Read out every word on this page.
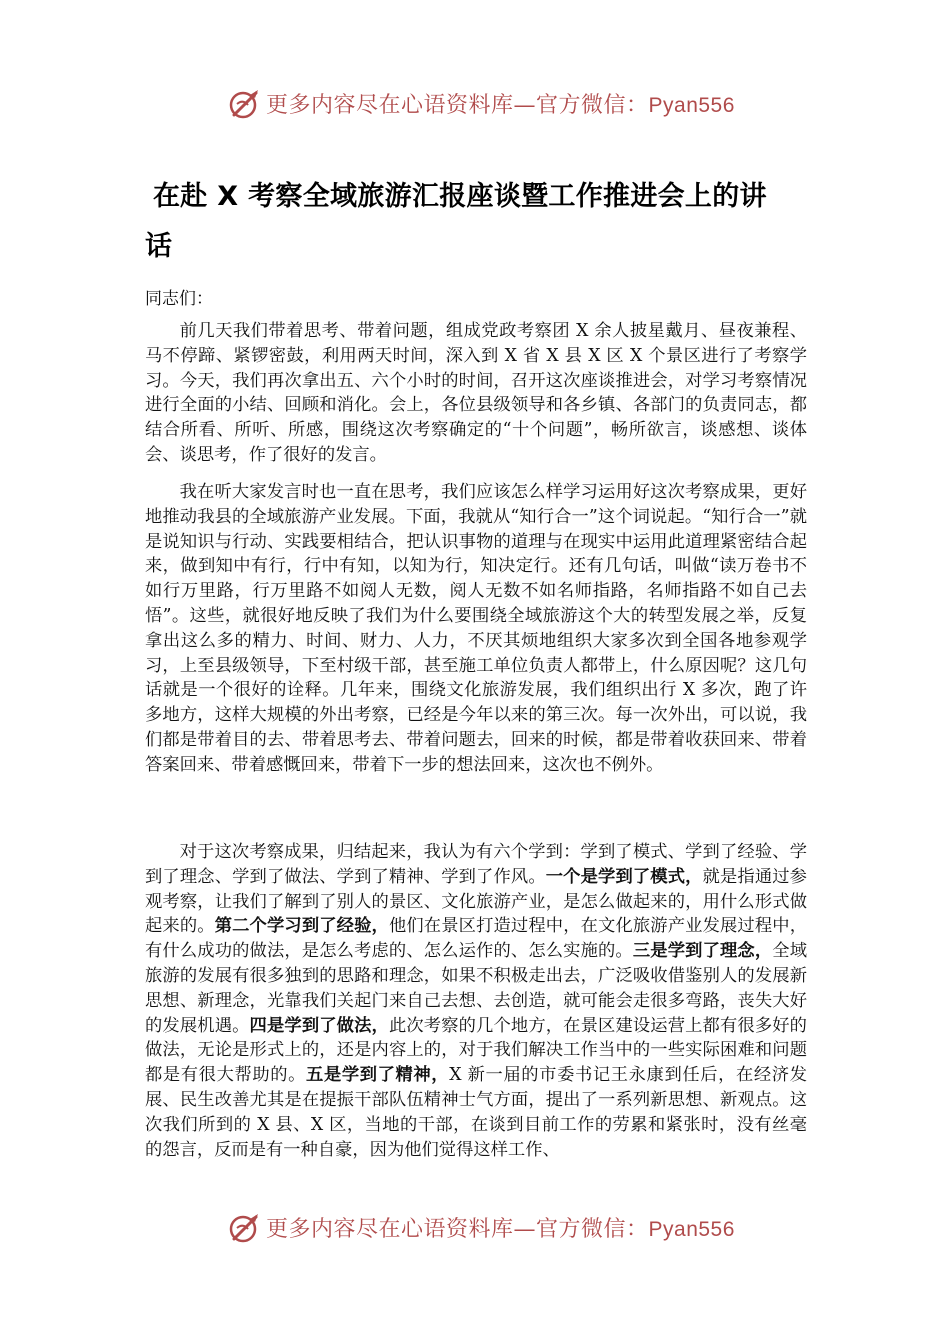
更多内容尽在心语资料库—官方微信：Pyan556
在赴 X 考察全域旅游汇报座谈暨工作推进会上的讲
话
同志们：

前几天我们带着思考、带着问题，组成党政考察团 X 余人披星戴月、昼夜兼程、马不停蹄、紧锣密鼓，利用两天时间，深入到 X 省 X 县 X 区 X 个景区进行了考察学习。今天，我们再次拿出五、六个小时的时间，召开这次座谈推进会，对学习考察情况进行全面的小结、回顾和消化。会上，各位县级领导和各乡镇、各部门的负责同志，都结合所看、所听、所感，围绕这次考察确定的“十个问题”，畅所欲言，谈感想、谈体会、谈思考，作了很好的发言。

我在听大家发言时也一直在思考，我们应该怎么样学习运用好这次考察成果，更好地推动我县的全域旅游产业发展。下面，我就从“知行合一”这个词说起。“知行合一”就是说知识与行动、实践要相结合，把认识事物的道理与在现实中运用此道理紧密结合起来，做到知中有行，行中有知，以知为行，知决定行。还有几句话，叫做“读万卷书不如行万里路，行万里路不如阅人无数，阅人无数不如名师指路，名师指路不如自己去悟”。这些，就很好地反映了我们为什么要围绕全域旅游这个大的转型发展之举，反复拿出这么多的精力、时间、财力、人力，不厌其烦地组织大家多次到全国各地参观学习，上至县级领导，下至村级干部，甚至施工单位负责人都带上，什么原因呢？这几句话就是一个很好的诠释。几年来，围绕文化旅游发展，我们组织出行 X 多次，跑了许多地方，这样大规模的外出考察，已经是今年以来的第三次。每一次外出，可以说，我们都是带着目的去、带着思考去、带着问题去，回来的时候，都是带着收获回来、带着答案回来、带着感慨回来，带着下一步的想法回来，这次也不例外。

对于这次考察成果，归结起来，我认为有六个学到：学到了模式、学到了经验、学到了理念、学到了做法、学到了精神、学到了作风。一个是学到了模式，就是指通过参观考察，让我们了解到了别人的景区、文化旅游产业，是怎么做起来的，用什么形式做起来的。第二个学习到了经验，他们在景区打造过程中，在文化旅游产业发展过程中，有什么成功的做法，是怎么考虑的、怎么运作的、怎么实施的。三是学到了理念，全域旅游的发展有很多独到的思路和理念，如果不积极走出去，广泛吸收借鉴别人的发展新思想、新理念，光靠我们关起门来自己去想、去创造，就可能会走很多弯路，丧失大好的发展机遇。四是学到了做法，此次考察的几个地方，在景区建设运营上都有很多好的做法，无论是形式上的，还是内容上的，对于我们解决工作当中的一些实际困难和问题都是有很大帮助的。五是学到了精神，X 新一届的市委书记王永康到任后，在经济发展、民生改善尤其是在提振干部队伍精神士气方面，提出了一系列新思想、新观点。这次我们所到的 X 县、X 区，当地的干部，在谈到目前工作的劳累和紧张时，没有丝毫的怨言，反而是有一种自豪，因为他们觉得这样工作、

更多内容尽在心语资料库—官方微信：Pyan556
